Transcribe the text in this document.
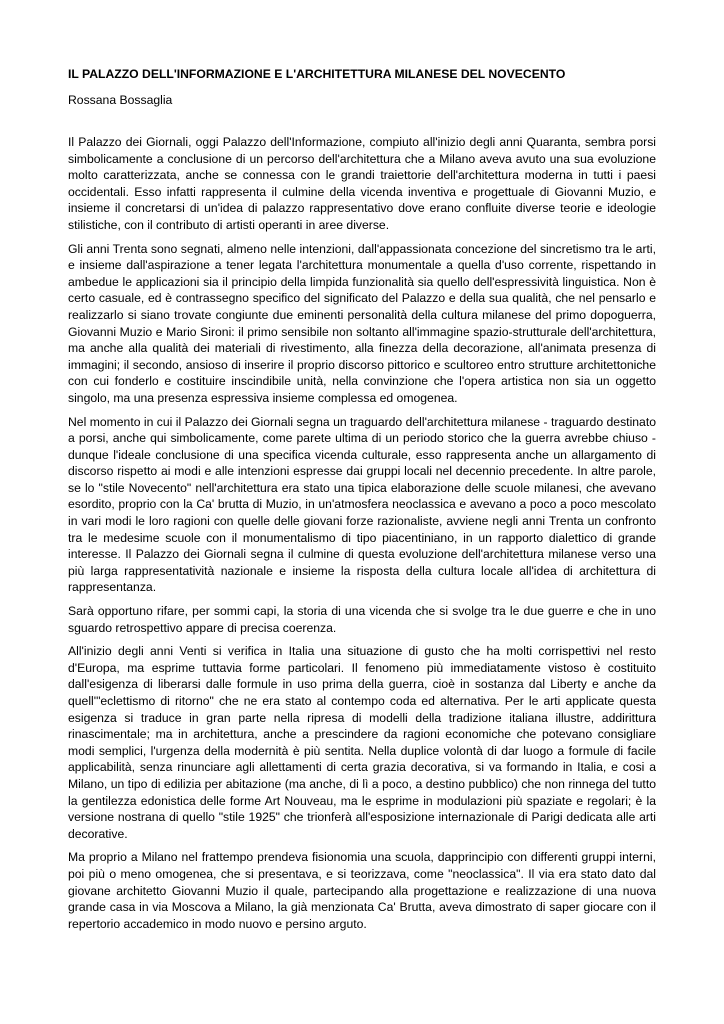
IL PALAZZO DELL'INFORMAZIONE E L'ARCHITETTURA MILANESE DEL NOVECENTO

Rossana Bossaglia

Il Palazzo dei Giornali, oggi Palazzo dell'Informazione, compiuto all'inizio degli anni Quaranta, sembra porsi simbolicamente a conclusione di un percorso dell'architettura che a Milano aveva avuto una sua evoluzione molto caratterizzata, anche se connessa con le grandi traiettorie dell'architettura moderna in tutti i paesi occidentali. Esso infatti rappresenta il culmine della vicenda inventiva e progettuale di Giovanni Muzio, e insieme il concretarsi di un'idea di palazzo rappresentativo dove erano confluite diverse teorie e ideologie stilistiche, con il contributo di artisti operanti in aree diverse.

Gli anni Trenta sono segnati, almeno nelle intenzioni, dall'appassionata concezione del sincretismo tra le arti, e insieme dall'aspirazione a tener legata l'architettura monumentale a quella d'uso corrente, rispettando in ambedue le applicazioni sia il principio della limpida funzionalità sia quello dell'espressività linguistica. Non è certo casuale, ed è contrassegno specifico del significato del Palazzo e della sua qualità, che nel pensarlo e realizzarlo si siano trovate congiunte due eminenti personalità della cultura milanese del primo dopoguerra, Giovanni Muzio e Mario Sironi: il primo sensibile non soltanto all'immagine spazio-strutturale dell'architettura, ma anche alla qualità dei materiali di rivestimento, alla finezza della decorazione, all'animata presenza di immagini; il secondo, ansioso di inserire il proprio discorso pittorico e scultoreo entro strutture architettoniche con cui fonderlo e costituire inscindibile unità, nella convinzione che l'opera artistica non sia un oggetto singolo, ma una presenza espressiva insieme complessa ed omogenea.

Nel momento in cui il Palazzo dei Giornali segna un traguardo dell'architettura milanese - traguardo destinato a porsi, anche qui simbolicamente, come parete ultima di un periodo storico che la guerra avrebbe chiuso - dunque l'ideale conclusione di una specifica vicenda culturale, esso rappresenta anche un allargamento di discorso rispetto ai modi e alle intenzioni espresse dai gruppi locali nel decennio precedente. In altre parole, se lo "stile Novecento" nell'architettura era stato una tipica elaborazione delle scuole milanesi, che avevano esordito, proprio con la Ca' brutta di Muzio, in un'atmosfera neoclassica e avevano a poco a poco mescolato in vari modi le loro ragioni con quelle delle giovani forze razionaliste, avviene negli anni Trenta un confronto tra le medesime scuole con il monumentalismo di tipo piacentiniano, in un rapporto dialettico di grande interesse. Il Palazzo dei Giornali segna il culmine di questa evoluzione dell'architettura milanese verso una più larga rappresentatività nazionale e insieme la risposta della cultura locale all'idea di architettura di rappresentanza.

Sarà opportuno rifare, per sommi capi, la storia di una vicenda che si svolge tra le due guerre e che in uno sguardo retrospettivo appare di precisa coerenza.

All'inizio degli anni Venti si verifica in Italia una situazione di gusto che ha molti corrispettivi nel resto d'Europa, ma esprime tuttavia forme particolari. Il fenomeno più immediatamente vistoso è costituito dall'esigenza di liberarsi dalle formule in uso prima della guerra, cioè in sostanza dal Liberty e anche da quell'"eclettismo di ritorno" che ne era stato al contempo coda ed alternativa. Per le arti applicate questa esigenza si traduce in gran parte nella ripresa di modelli della tradizione italiana illustre, addirittura rinascimentale; ma in architettura, anche a prescindere da ragioni economiche che potevano consigliare modi semplici, l'urgenza della modernità è più sentita. Nella duplice volontà di dar luogo a formule di facile applicabilità, senza rinunciare agli allettamenti di certa grazia decorativa, si va formando in Italia, e cosi a Milano, un tipo di edilizia per abitazione (ma anche, di lì a poco, a destino pubblico) che non rinnega del tutto la gentilezza edonistica delle forme Art Nouveau, ma le esprime in modulazioni più spaziate e regolari; è la versione nostrana di quello "stile 1925" che trionferà all'esposizione internazionale di Parigi dedicata alle arti decorative.

Ma proprio a Milano nel frattempo prendeva fisionomia una scuola, dapprincipio con differenti gruppi interni, poi più o meno omogenea, che si presentava, e si teorizzava, come "neoclassica". Il via era stato dato dal giovane architetto Giovanni Muzio il quale, partecipando alla progettazione e realizzazione di una nuova grande casa in via Moscova a Milano, la già menzionata Ca' Brutta, aveva dimostrato di saper giocare con il repertorio accademico in modo nuovo e persino arguto.
